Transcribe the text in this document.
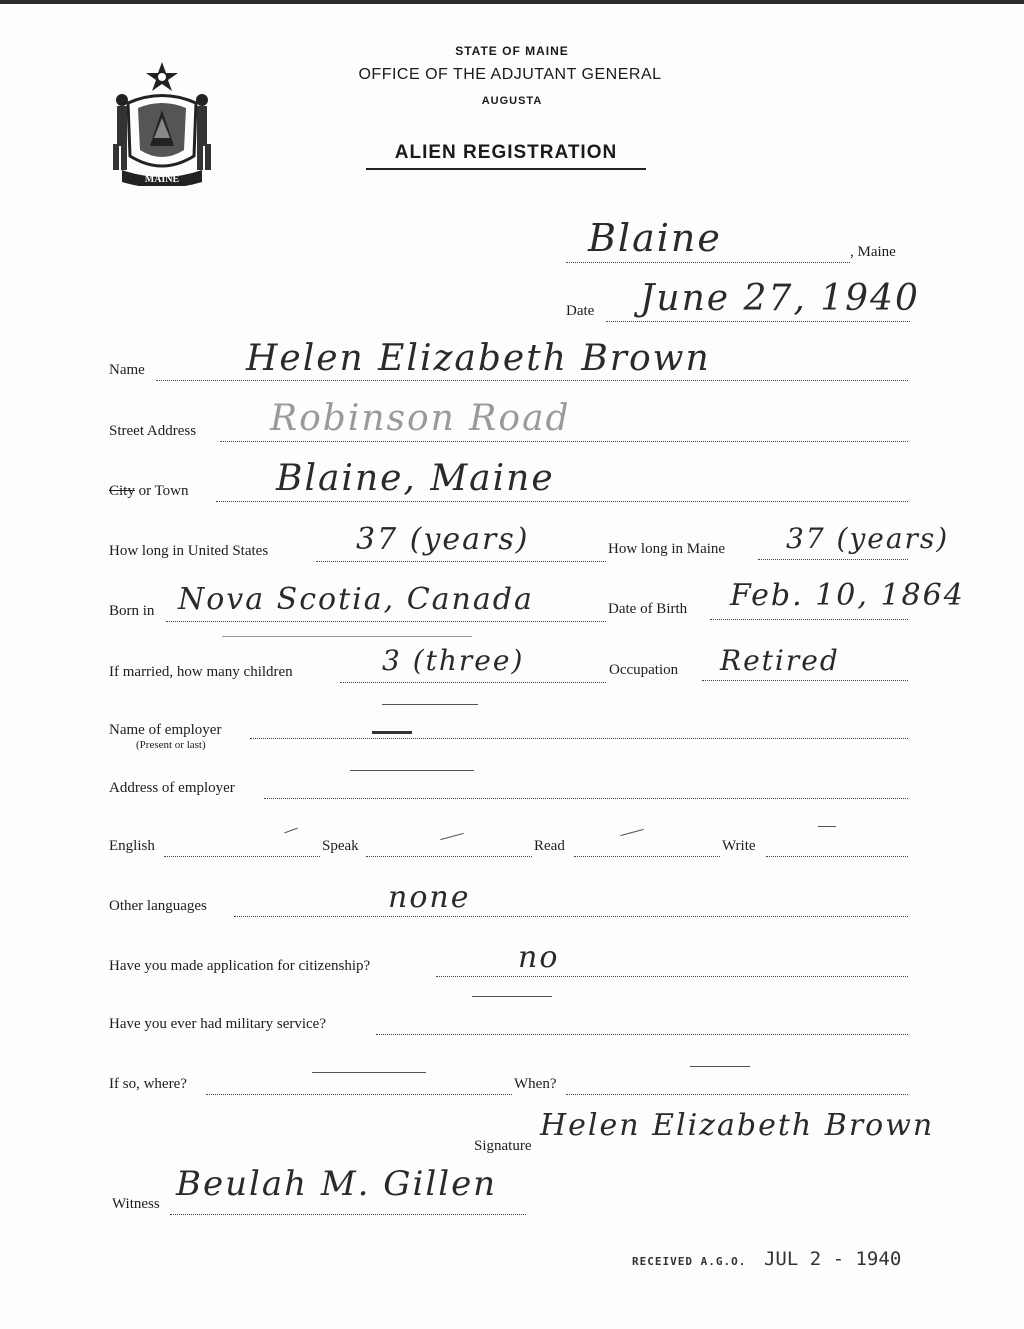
MAINE
STATE OF MAINE
OFFICE OF THE ADJUTANT GENERAL
AUGUSTA
ALIEN REGISTRATION
, Maine
Blaine
Date June 27, 1940
Name	Helen Elizabeth Brown
Street Address Robinson Road
City or Town Blaine, Maine
How long in United States	37 (years)	How long in Maine 37 (years)
Born in Nova Scotia, Canada	Date of Birth Feb. 10, 1864
If married, how many children	3 (three)	Occupation Retired
Name of employer
(Present or last)
Address of employer
English	Speak	Read	Write
Other languages	none
Have you made application for citizenship?	no
Have you ever had military service?
If so, where?	When?
Signature
Helen Elizabeth Brown
Witness Beulah M. Gillen
RECEIVED A.G.O. JUL 2 - 1940
